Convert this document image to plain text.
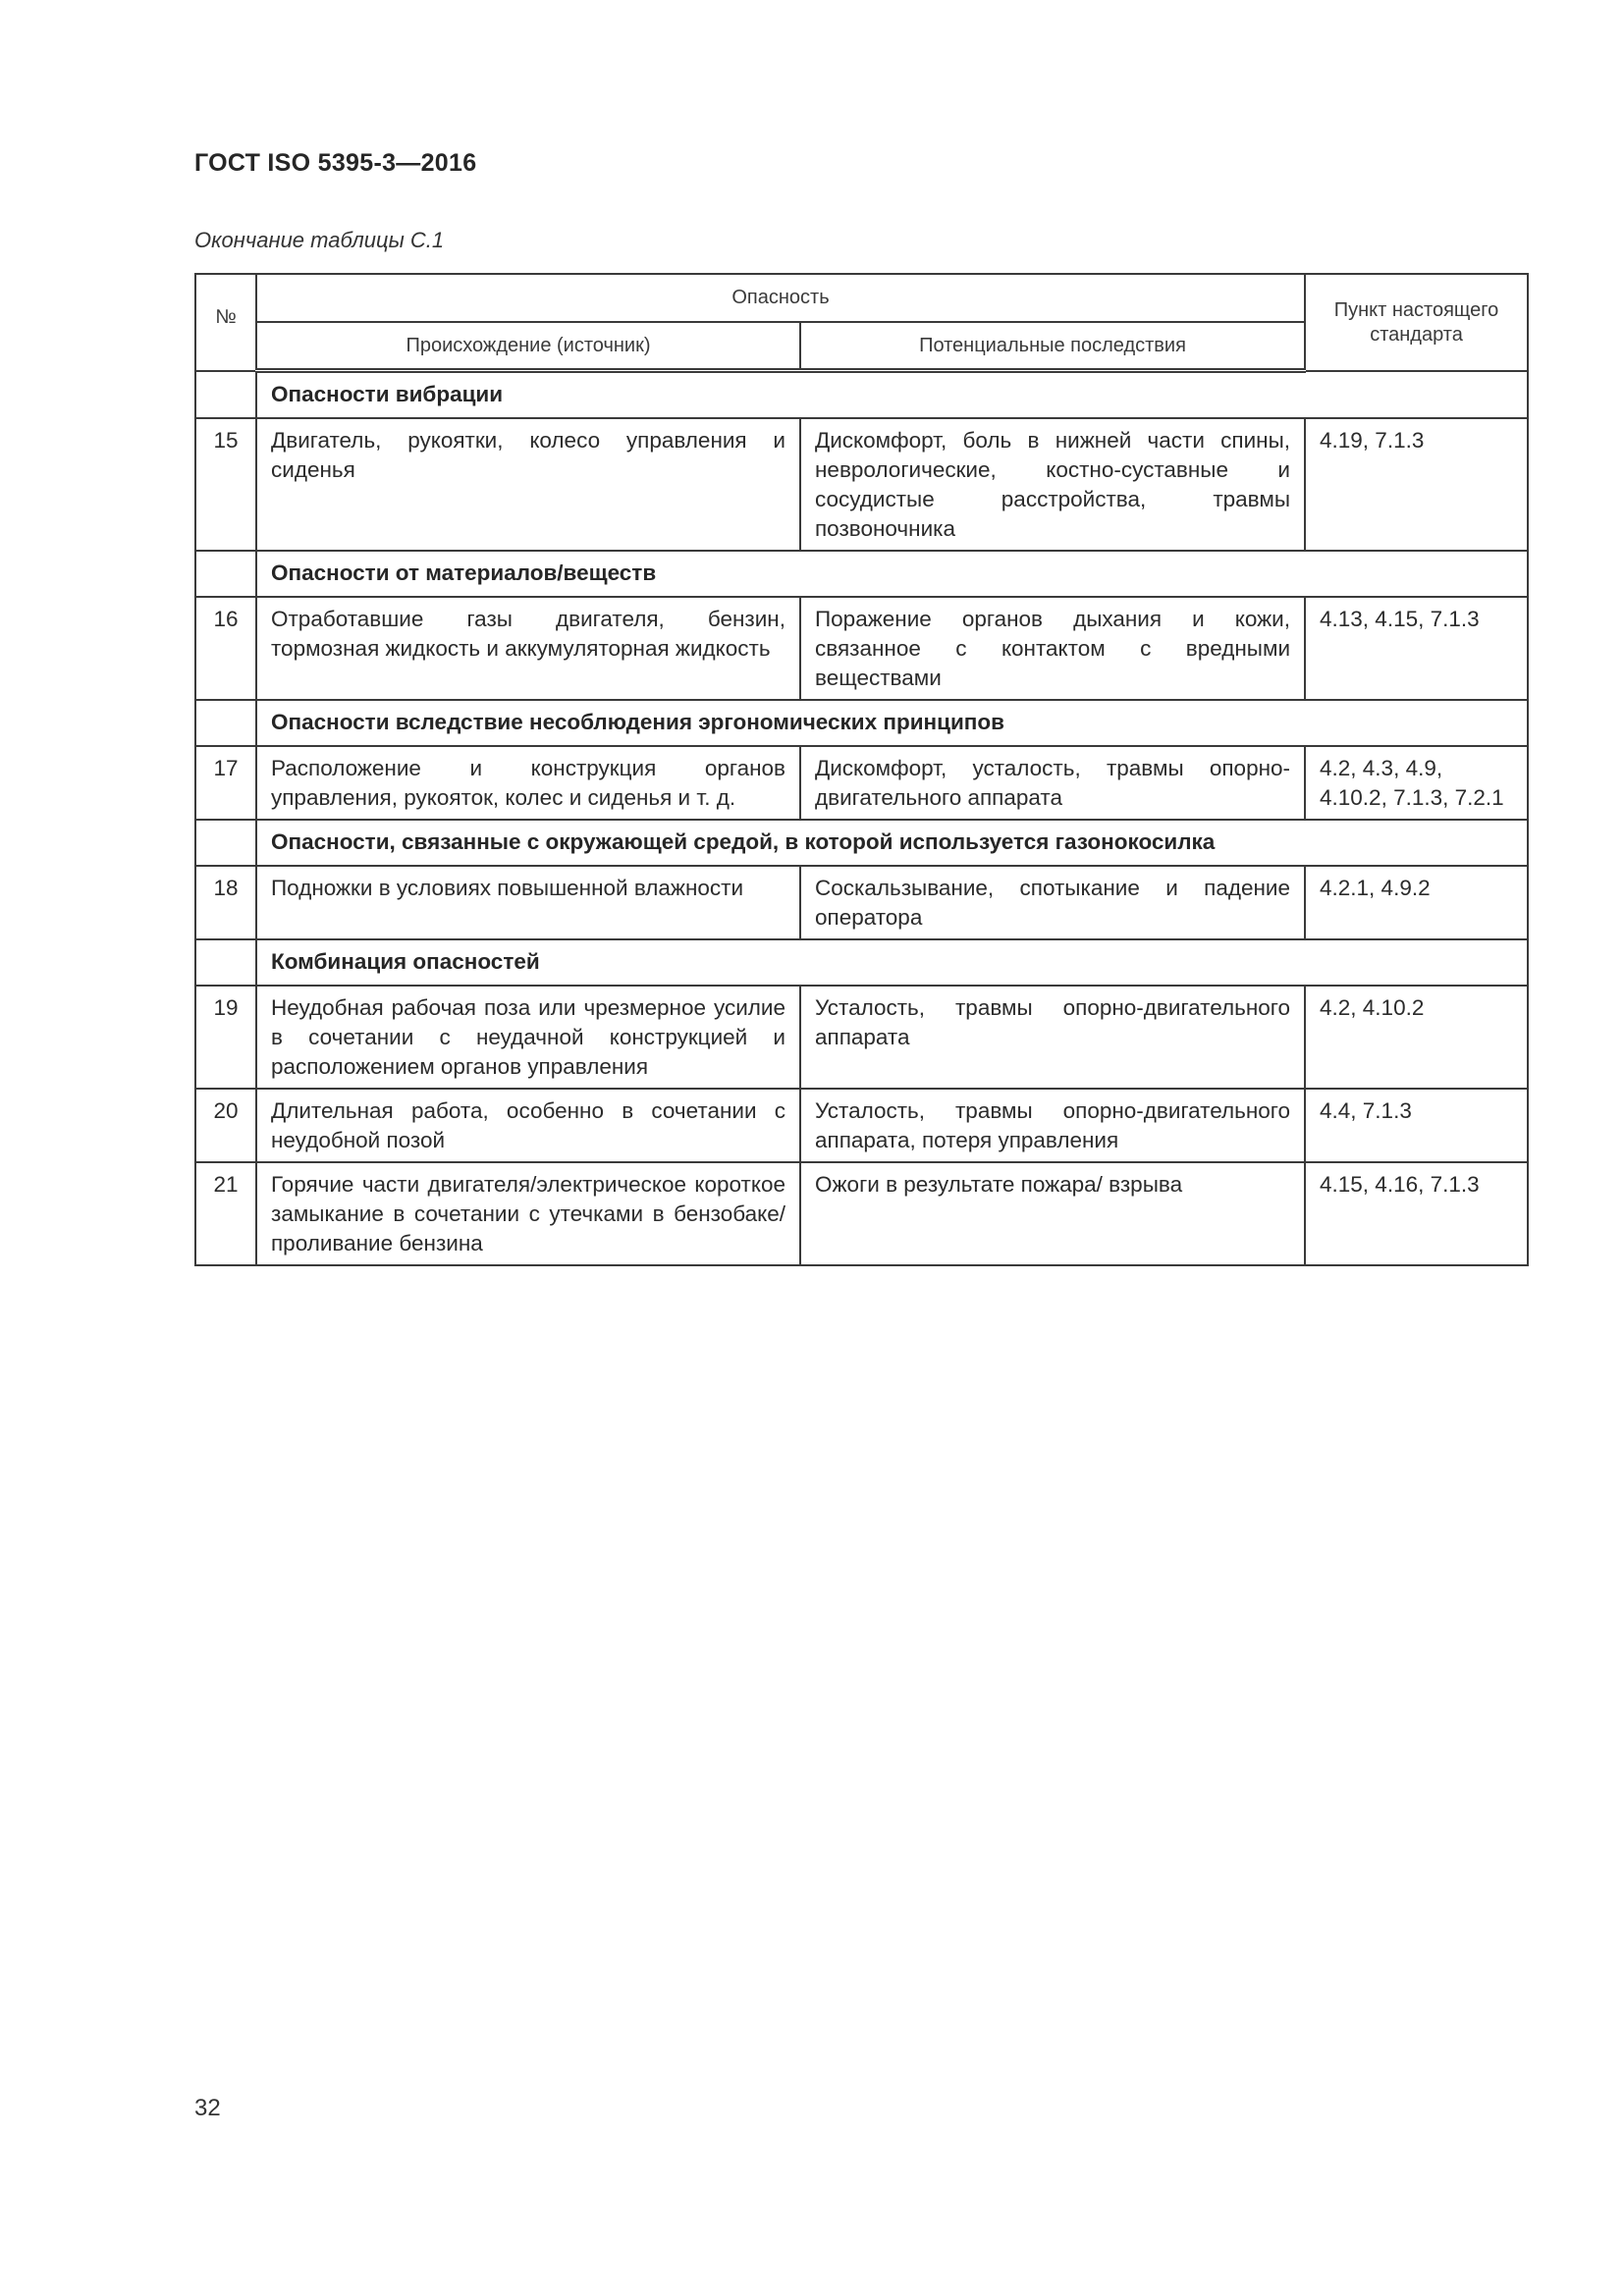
ГОСТ ISO 5395-3—2016
Окончание таблицы С.1
№	Опасность		Пункт настоящего стандарта
	Происхождение (источник)	Потенциальные последствия	
	Опасности вибрации		
15	Двигатель, рукоятки, колесо управления и сиденья	Дискомфорт, боль в нижней части спины, неврологические, костно-суставные и сосудистые расстройства, травмы позвоночника	4.19, 7.1.3
	Опасности от материалов/веществ		
16	Отработавшие газы двигателя, бензин, тормозная жидкость и аккумуляторная жидкость	Поражение органов дыхания и кожи, связанное с контактом с вредными веществами	4.13, 4.15, 7.1.3
	Опасности вследствие несоблюдения эргономических принципов		
17	Расположение и конструкция органов управления, рукояток, колес и сиденья и т. д.	Дискомфорт, усталость, травмы опорно-двигательного аппарата	4.2, 4.3, 4.9, 4.10.2, 7.1.3, 7.2.1
	Опасности, связанные с окружающей средой, в которой используется газонокосилка		
18	Подножки в условиях повышенной влажности	Соскальзывание, спотыкание и падение оператора	4.2.1, 4.9.2
	Комбинация опасностей		
19	Неудобная рабочая поза или чрезмерное усилие в сочетании с неудачной конструкцией и расположением органов управления	Усталость, травмы опорно-двигательного аппарата	4.2, 4.10.2
20	Длительная работа, особенно в сочетании с неудобной позой	Усталость, травмы опорно-двигательного аппарата, потеря управления	4.4, 7.1.3
21	Горячие части двигателя/электрическое короткое замыкание в сочетании с утечками в бензобаке/проливание бензина	Ожоги в результате пожара/ взрыва	4.15, 4.16, 7.1.3
32
